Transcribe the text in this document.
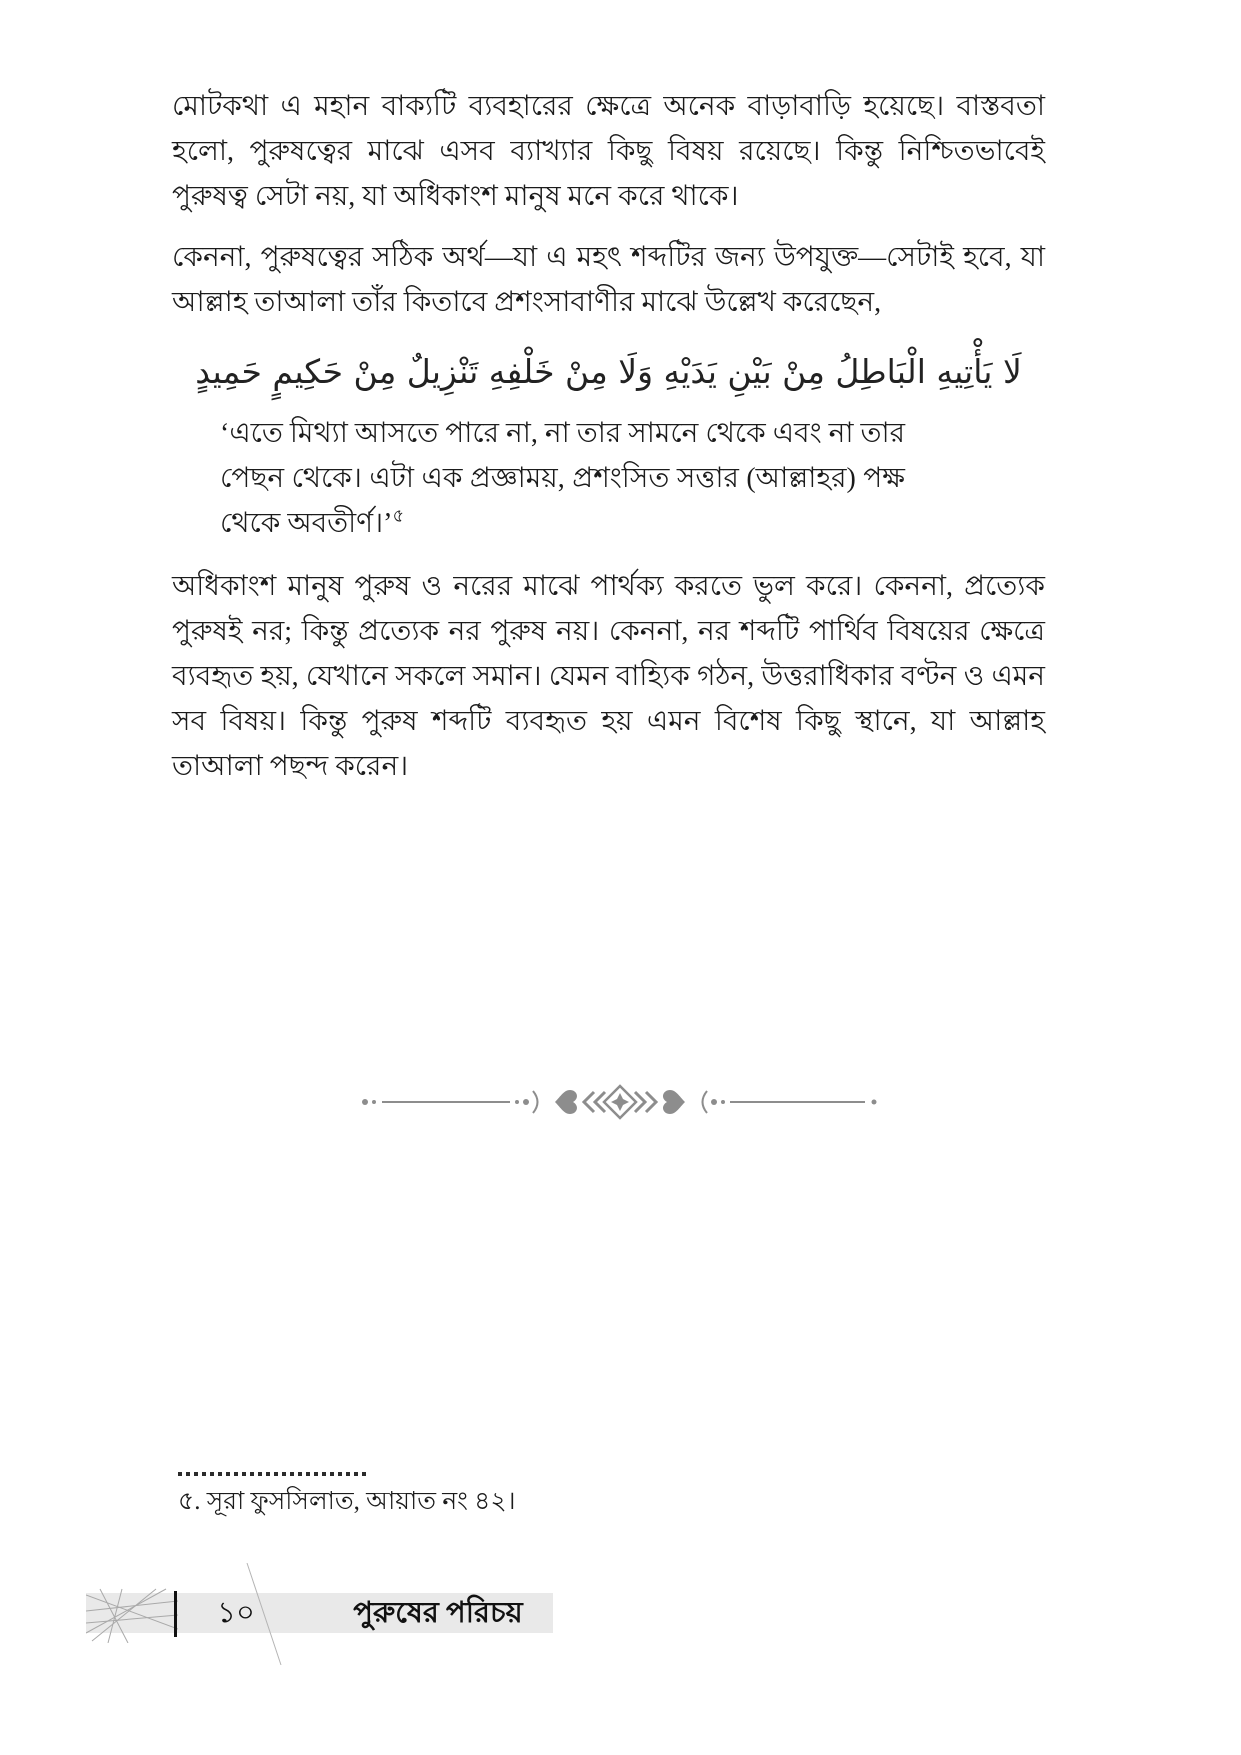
মোটকথা এ মহান বাক্যটি ব্যবহারের ক্ষেত্রে অনেক বাড়াবাড়ি হয়েছে। বাস্তবতা হলো, পুরুষত্বের মাঝে এসব ব্যাখ্যার কিছু বিষয় রয়েছে। কিন্তু নিশ্চিতভাবেই পুরুষত্ব সেটা নয়, যা অধিকাংশ মানুষ মনে করে থাকে।

কেননা, পুরুষত্বের সঠিক অর্থ—যা এ মহৎ শব্দটির জন্য উপযুক্ত—সেটাই হবে, যা আল্লাহ তাআলা তাঁর কিতাবে প্রশংসাবাণীর মাঝে উল্লেখ করেছেন,

لَا يَأْتِيهِ الْبَاطِلُ مِنْ بَيْنِ يَدَيْهِ وَلَا مِنْ خَلْفِهِ تَنْزِيلٌ مِنْ حَكِيمٍ حَمِيدٍ
‘এতে মিথ্যা আসতে পারে না, না তার সামনে থেকে এবং না তার পেছন থেকে। এটা এক প্রজ্ঞাময়, প্রশংসিত সত্তার (আল্লাহর) পক্ষ থেকে অবতীর্ণ।’$^৫$

অধিকাংশ মানুষ পুরুষ ও নরের মাঝে পার্থক্য করতে ভুল করে। কেননা, প্রত্যেক পুরুষই নর; কিন্তু প্রত্যেক নর পুরুষ নয়। কেননা, নর শব্দটি পার্থিব বিষয়ের ক্ষেত্রে ব্যবহৃত হয়, যেখানে সকলে সমান। যেমন বাহ্যিক গঠন, উত্তরাধিকার বণ্টন ও এমন সব বিষয়। কিন্তু পুরুষ শব্দটি ব্যবহৃত হয় এমন বিশেষ কিছু স্থানে, যা আল্লাহ তাআলা পছন্দ করেন।

৫. সূরা ফুসসিলাত, আয়াত নং ৪২।
১০	পুরুষের পরিচয়
